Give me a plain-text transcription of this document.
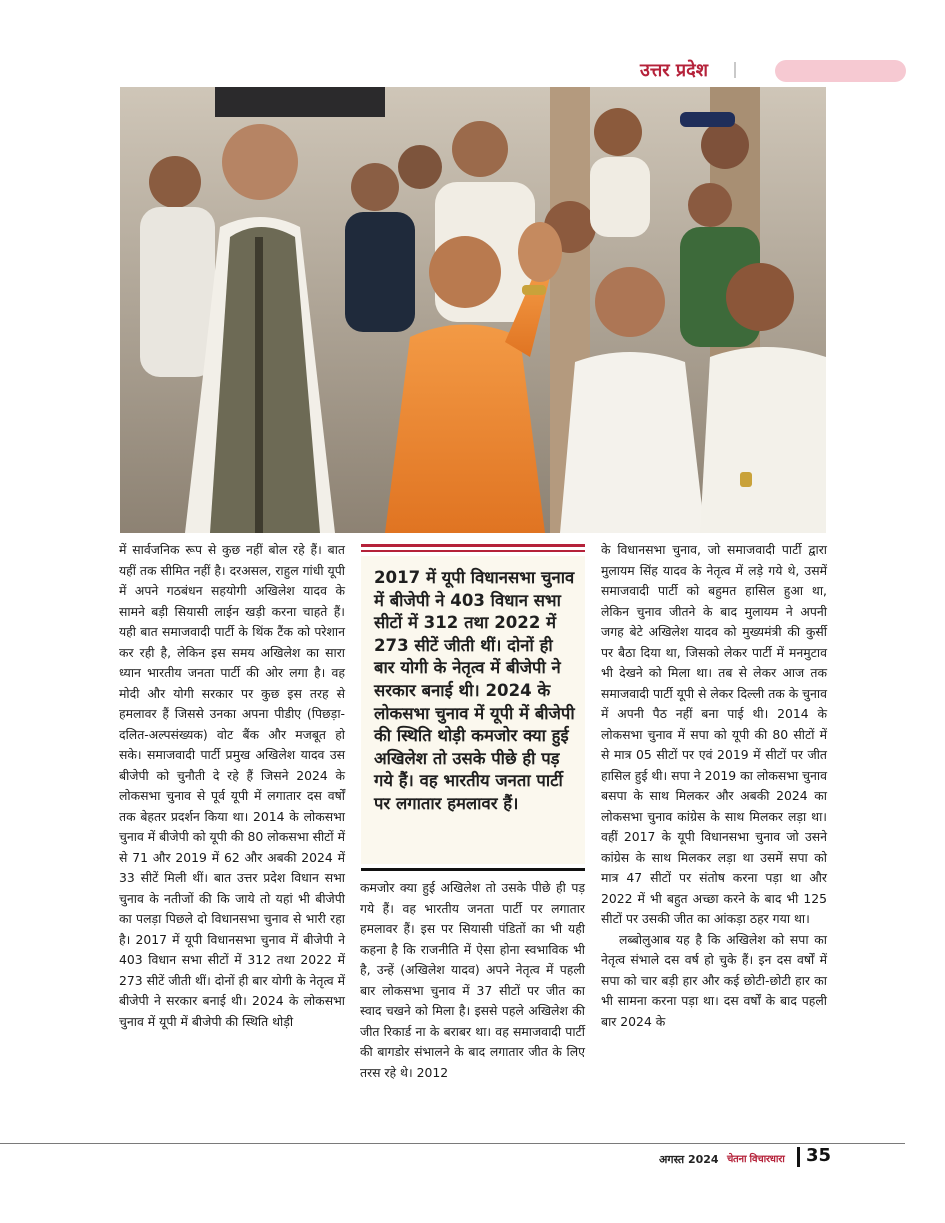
उत्तर प्रदेश

में सार्वजनिक रूप से कुछ नहीं बोल रहे हैं। बात यहीं तक सीमित नहीं है। दरअसल, राहुल गांधी यूपी में अपने गठबंधन सहयोगी अखिलेश यादव के सामने बड़ी सियासी लाईन खड़ी करना चाहते हैं। यही बात समाजवादी पार्टी के थिंक टैंक को परेशान कर रही है, लेकिन इस समय अखिलेश का सारा ध्यान भारतीय जनता पार्टी की ओर लगा है। वह मोदी और योगी सरकार पर कुछ इस तरह से हमलावर हैं जिससे उनका अपना पीडीए (पिछड़ा-दलित-अल्पसंख्यक) वोट बैंक और मजबूत हो सके। समाजवादी पार्टी प्रमुख अखिलेश यादव उस बीजेपी को चुनौती दे रहे हैं जिसने 2024 के लोकसभा चुनाव से पूर्व यूपी में लगातार दस वर्षों तक बेहतर प्रदर्शन किया था। 2014 के लोकसभा चुनाव में बीजेपी को यूपी की 80 लोकसभा सीटों में से 71 और 2019 में 62 और अबकी 2024 में 33 सीटें मिली थीं। बात उत्तर प्रदेश विधान सभा चुनाव के नतीजों की कि जाये तो यहां भी बीजेपी का पलड़ा पिछले दो विधानसभा चुनाव से भारी रहा है। 2017 में यूपी विधानसभा चुनाव में बीजेपी ने 403 विधान सभा सीटों में 312 तथा 2022 में 273 सीटें जीती थीं। दोनों ही बार योगी के नेतृत्व में बीजेपी ने सरकार बनाई थी। 2024 के लोकसभा चुनाव में यूपी में बीजेपी की स्थिति थोड़ी

2017 में यूपी विधानसभा चुनाव में बीजेपी ने 403 विधान सभा सीटों में 312 तथा 2022 में 273 सीटें जीती थीं। दोनों ही बार योगी के नेतृत्व में बीजेपी ने सरकार बनाई थी। 2024 के लोकसभा चुनाव में यूपी में बीजेपी की स्थिति थोड़ी कमजोर क्या हुई अखिलेश तो उसके पीछे ही पड़ गये हैं। वह भारतीय जनता पार्टी पर लगातार हमलावर हैं।

कमजोर क्या हुई अखिलेश तो उसके पीछे ही पड़ गये हैं। वह भारतीय जनता पार्टी पर लगातार हमलावर हैं। इस पर सियासी पंडितों का भी यही कहना है कि राजनीति में ऐसा होना स्वभाविक भी है, उन्हें (अखिलेश यादव) अपने नेतृत्व में पहली बार लोकसभा चुनाव में 37 सीटों पर जीत का स्वाद चखने को मिला है। इससे पहले अखिलेश की जीत रिकार्ड ना के बराबर था। वह समाजवादी पार्टी की बागडोर संभालने के बाद लगातार जीत के लिए तरस रहे थे। 2012

के विधानसभा चुनाव, जो समाजवादी पार्टी द्वारा मुलायम सिंह यादव के नेतृत्व में लड़े गये थे, उसमें समाजवादी पार्टी को बहुमत हासिल हुआ था, लेकिन चुनाव जीतने के बाद मुलायम ने अपनी जगह बेटे अखिलेश यादव को मुख्यमंत्री की कुर्सी पर बैठा दिया था, जिसको लेकर पार्टी में मनमुटाव भी देखने को मिला था। तब से लेकर आज तक समाजवादी पार्टी यूपी से लेकर दिल्ली तक के चुनाव में अपनी पैठ नहीं बना पाई थी। 2014 के लोकसभा चुनाव में सपा को यूपी की 80 सीटों में से मात्र 05 सीटों पर एवं 2019 में सीटों पर जीत हासिल हुई थी। सपा ने 2019 का लोकसभा चुनाव बसपा के साथ मिलकर और अबकी 2024 का लोकसभा चुनाव कांग्रेस के साथ मिलकर लड़ा था। वहीं 2017 के यूपी विधानसभा चुनाव जो उसने कांग्रेस के साथ मिलकर लड़ा था उसमें सपा को मात्र 47 सीटों पर संतोष करना पड़ा था और 2022 में भी बहुत अच्छा करने के बाद भी 125 सीटों पर उसकी जीत का आंकड़ा ठहर गया था।

लब्बोलुआब यह है कि अखिलेश को सपा का नेतृत्व संभाले दस वर्ष हो चुके हैं। इन दस वर्षों में सपा को चार बड़ी हार और कई छोटी-छोटी हार का भी सामना करना पड़ा था। दस वर्षों के बाद पहली बार 2024 के

अगस्त 2024 चेतना विचारधारा 35
